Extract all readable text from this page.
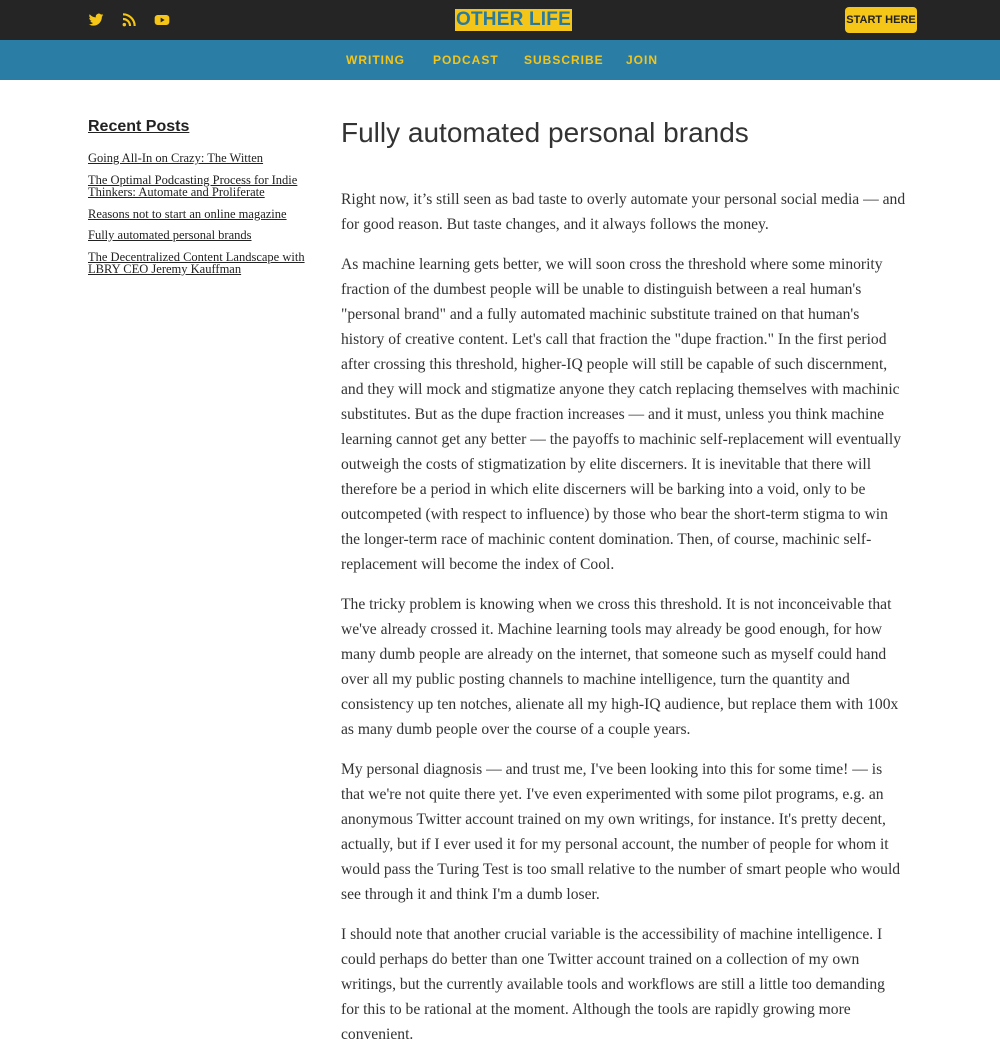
OTHER LIFE	START HERE
WRITING PODCAST SUBSCRIBE JOIN
Recent Posts
Going All-In on Crazy: The Witten
The Optimal Podcasting Process for Indie Thinkers: Automate and Proliferate
Reasons not to start an online magazine
Fully automated personal brands
The Decentralized Content Landscape with LBRY CEO Jeremy Kauffman
Fully automated personal brands

Right now, it’s still seen as bad taste to overly automate your personal social media — and for good reason. But taste changes, and it always follows the money.

As machine learning gets better, we will soon cross the threshold where some minority fraction of the dumbest people will be unable to distinguish between a real human's "personal brand" and a fully automated machinic substitute trained on that human's history of creative content. Let's call that fraction the "dupe fraction." In the first period after crossing this threshold, higher-IQ people will still be capable of such discernment, and they will mock and stigmatize anyone they catch replacing themselves with machinic substitutes. But as the dupe fraction increases — and it must, unless you think machine learning cannot get any better — the payoffs to machinic self-replacement will eventually outweigh the costs of stigmatization by elite discerners. It is inevitable that there will therefore be a period in which elite discerners will be barking into a void, only to be outcompeted (with respect to influence) by those who bear the short-term stigma to win the longer-term race of machinic content domination. Then, of course, machinic self-replacement will become the index of Cool.

The tricky problem is knowing when we cross this threshold. It is not inconceivable that we've already crossed it. Machine learning tools may already be good enough, for how many dumb people are already on the internet, that someone such as myself could hand over all my public posting channels to machine intelligence, turn the quantity and consistency up ten notches, alienate all my high-IQ audience, but replace them with 100x as many dumb people over the course of a couple years.

My personal diagnosis — and trust me, I've been looking into this for some time! — is that we're not quite there yet. I've even experimented with some pilot programs, e.g. an anonymous Twitter account trained on my own writings, for instance. It's pretty decent, actually, but if I ever used it for my personal account, the number of people for whom it would pass the Turing Test is too small relative to the number of smart people who would see through it and think I'm a dumb loser.

I should note that another crucial variable is the accessibility of machine intelligence. I could perhaps do better than one Twitter account trained on a collection of my own writings, but the currently available tools and workflows are still a little too demanding for this to be rational at the moment. Although the tools are rapidly growing more convenient.
